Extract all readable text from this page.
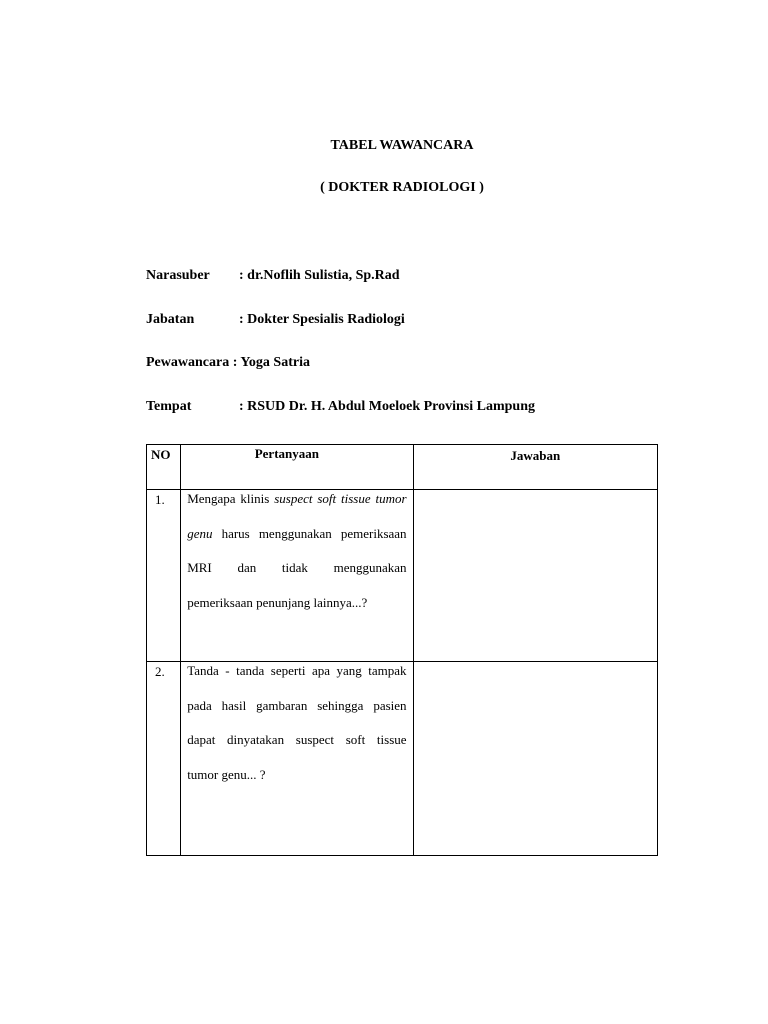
TABEL WAWANCARA

( DOKTER RADIOLOGI )

Narasuber : dr.Noflih Sulistia, Sp.Rad
Jabatan	: Dokter Spesialis Radiologi
Pewawancara : Yoga Satria
Tempat	: RSUD Dr. H. Abdul Moeloek Provinsi Lampung
NO	Pertanyaan	Jawaban
1.	Mengapa klinis suspect soft tissue tumor genu harus menggunakan pemeriksaan MRI dan tidak menggunakan pemeriksaan penunjang lainnya...?	

2.	Tanda - tanda seperti apa yang tampak pada hasil gambaran sehingga pasien dapat dinyatakan suspect soft tissue tumor genu... ?	
